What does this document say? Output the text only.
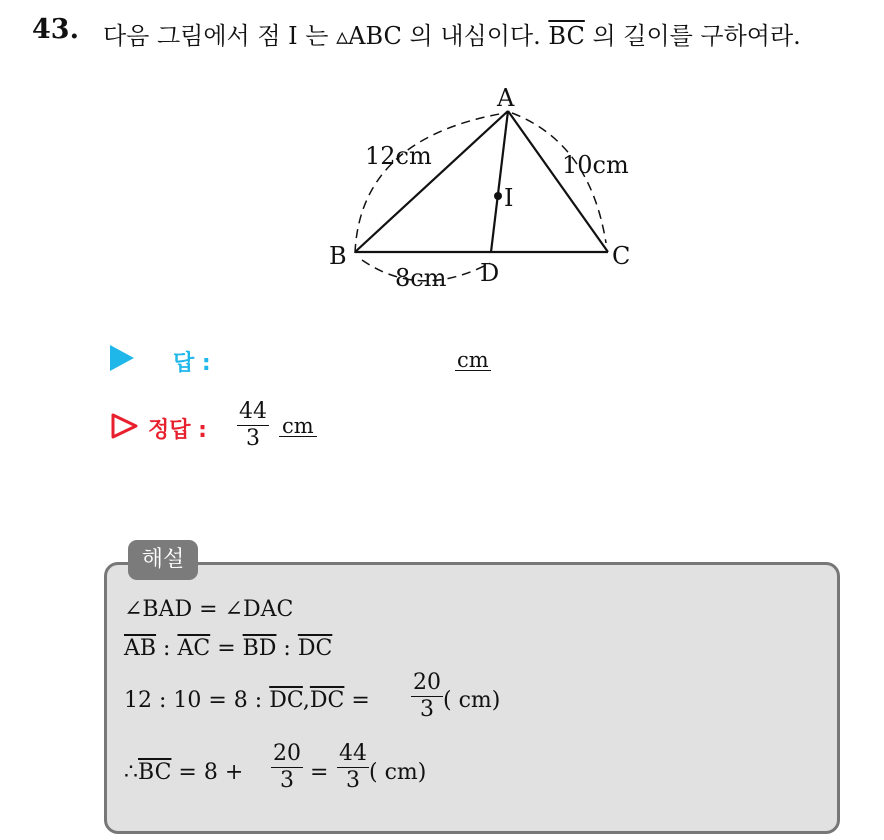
43. 다음 그림에서 점 I 는 ▵ABC 의 내심이다. $\overline{BC}$ 의 길이를 구하여라.
A
B	C
D
I
12cm	10cm
8cm
답 :	cm
정답 : $\frac{44}{3}$ cm
해설
∠BAD = ∠DAC
$\overline{AB}$ : $\overline{AC} = \overline{BD}$ : $\overline{DC}$
12 : 10 = 8 : $\overline{DC},\overline{DC} = \frac{20}{3}$ ( cm)
$\therefore\overline{BC} = 8 + \frac{20}{3} = \frac{44}{3}$ ( cm)
